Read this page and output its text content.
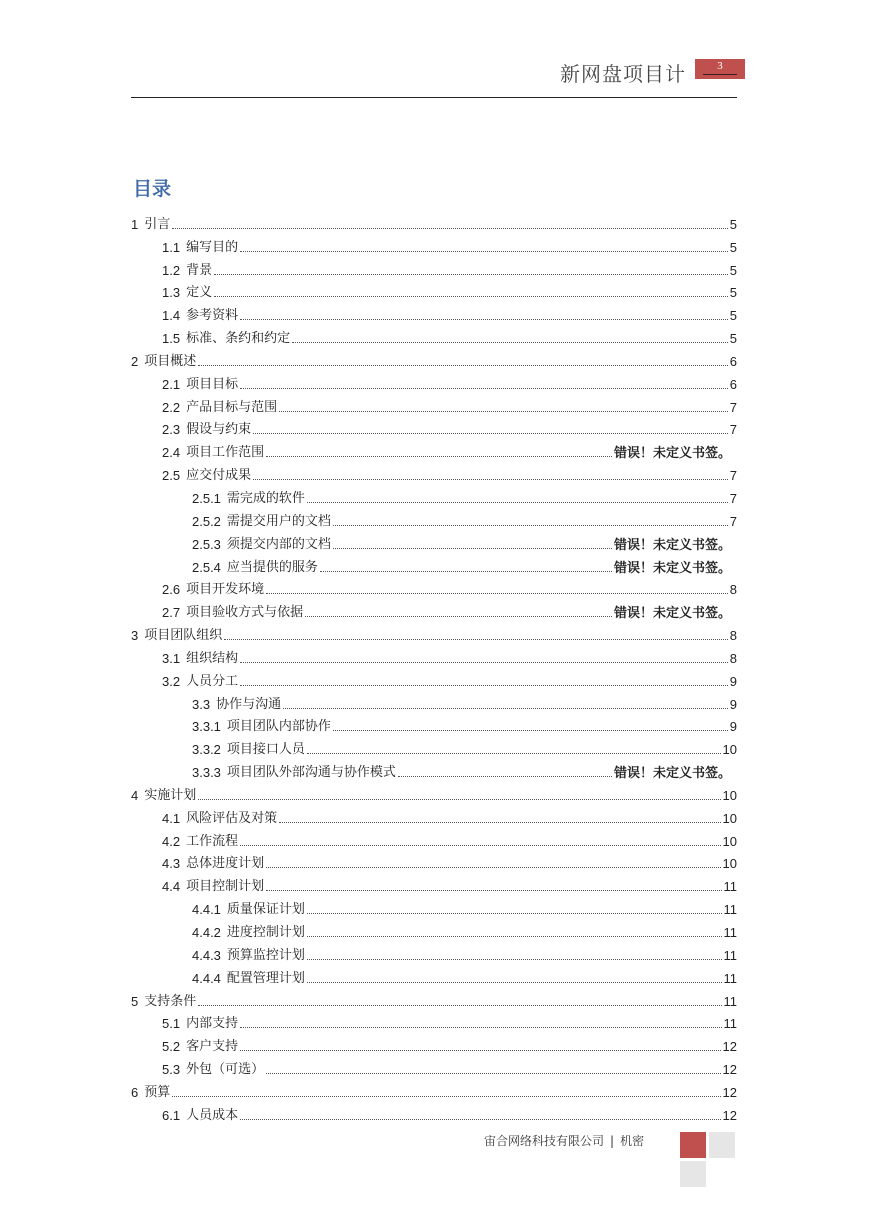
新网盘项目计	3
目录
1 引言	5
1.1 编写目的	5
1.2 背景	5
1.3 定义	5
1.4 参考资料	5
1.5 标准、条约和约定	5
2 项目概述	6
2.1 项目目标	6
2.2 产品目标与范围	7
2.3 假设与约束	7
2.4 项目工作范围	错误！未定义书签。
2.5 应交付成果	7
2.5.1 需完成的软件	7
2.5.2 需提交用户的文档	7
2.5.3 须提交内部的文档	错误！未定义书签。
2.5.4 应当提供的服务	错误！未定义书签。
2.6 项目开发环境	8
2.7 项目验收方式与依据	错误！未定义书签。
3 项目团队组织	8
3.1 组织结构	8
3.2 人员分工	9
3.3 协作与沟通	9
3.3.1 项目团队内部协作	9
3.3.2 项目接口人员	10
3.3.3 项目团队外部沟通与协作模式	错误！未定义书签。
4 实施计划	10
4.1 风险评估及对策	10
4.2 工作流程	10
4.3 总体进度计划	10
4.4 项目控制计划	11
4.4.1 质量保证计划	11
4.4.2 进度控制计划	11
4.4.3 预算监控计划	11
4.4.4 配置管理计划	11
5 支持条件	11
5.1 内部支持	11
5.2 客户支持	12
5.3 外包（可选）	12
6 预算	12
6.1 人员成本	12
宙合网络科技有限公司 | 机密
